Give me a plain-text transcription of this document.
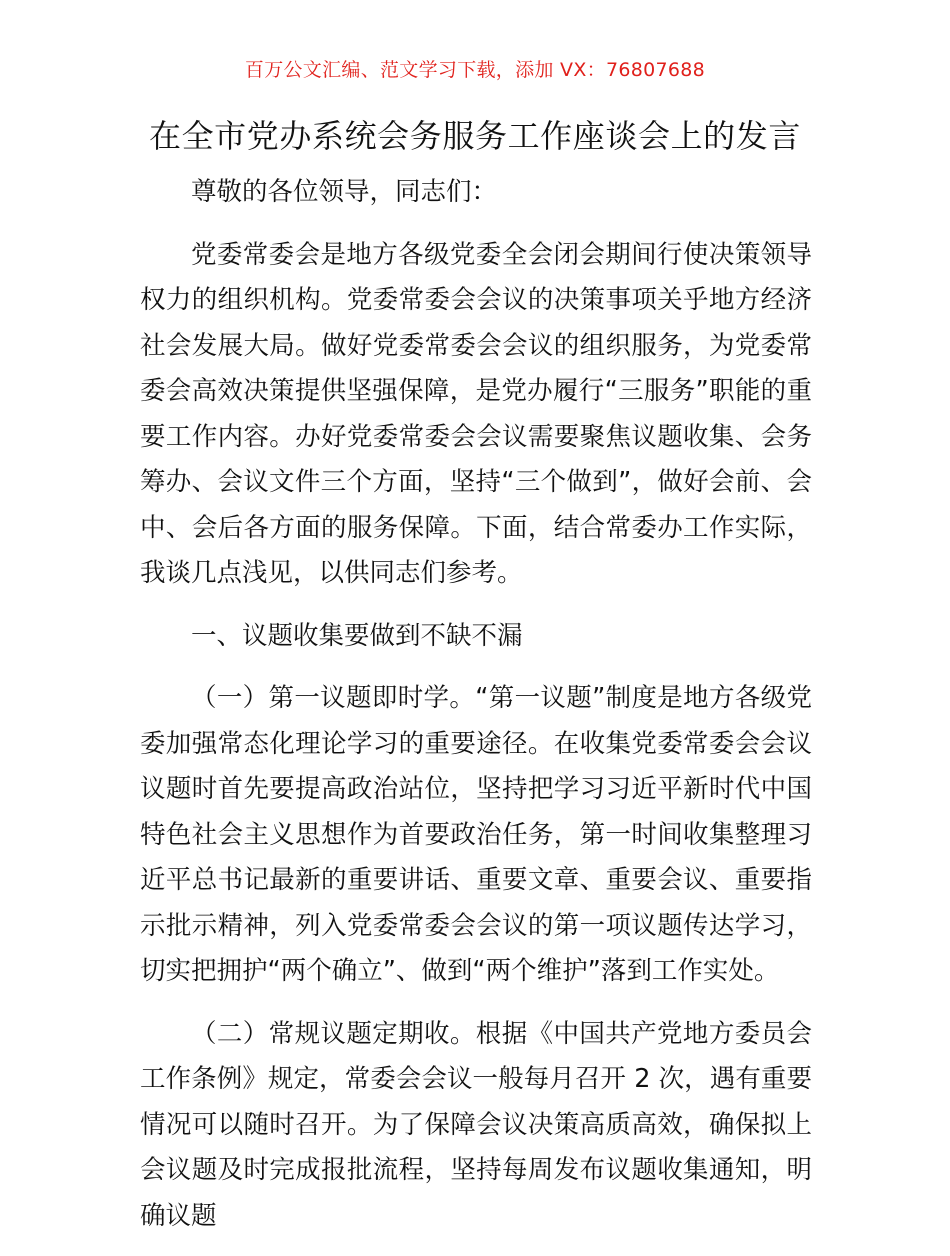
百万公文汇编、范文学习下载，添加 VX：76807688
在全市党办系统会务服务工作座谈会上的发言

尊敬的各位领导，同志们：

党委常委会是地方各级党委全会闭会期间行使决策领导权力的组织机构。党委常委会会议的决策事项关乎地方经济社会发展大局。做好党委常委会会议的组织服务，为党委常委会高效决策提供坚强保障，是党办履行“三服务”职能的重要工作内容。办好党委常委会会议需要聚焦议题收集、会务筹办、会议文件三个方面，坚持“三个做到”，做好会前、会中、会后各方面的服务保障。下面，结合常委办工作实际，我谈几点浅见，以供同志们参考。

一、议题收集要做到不缺不漏

（一）第一议题即时学。“第一议题”制度是地方各级党委加强常态化理论学习的重要途径。在收集党委常委会会议议题时首先要提高政治站位，坚持把学习习近平新时代中国特色社会主义思想作为首要政治任务，第一时间收集整理习近平总书记最新的重要讲话、重要文章、重要会议、重要指示批示精神，列入党委常委会会议的第一项议题传达学习，切实把拥护“两个确立”、做到“两个维护”落到工作实处。

（二）常规议题定期收。根据《中国共产党地方委员会工作条例》规定，常委会会议一般每月召开 2 次，遇有重要情况可以随时召开。为了保障会议决策高质高效，确保拟上会议题及时完成报批流程，坚持每周发布议题收集通知，明确议题
